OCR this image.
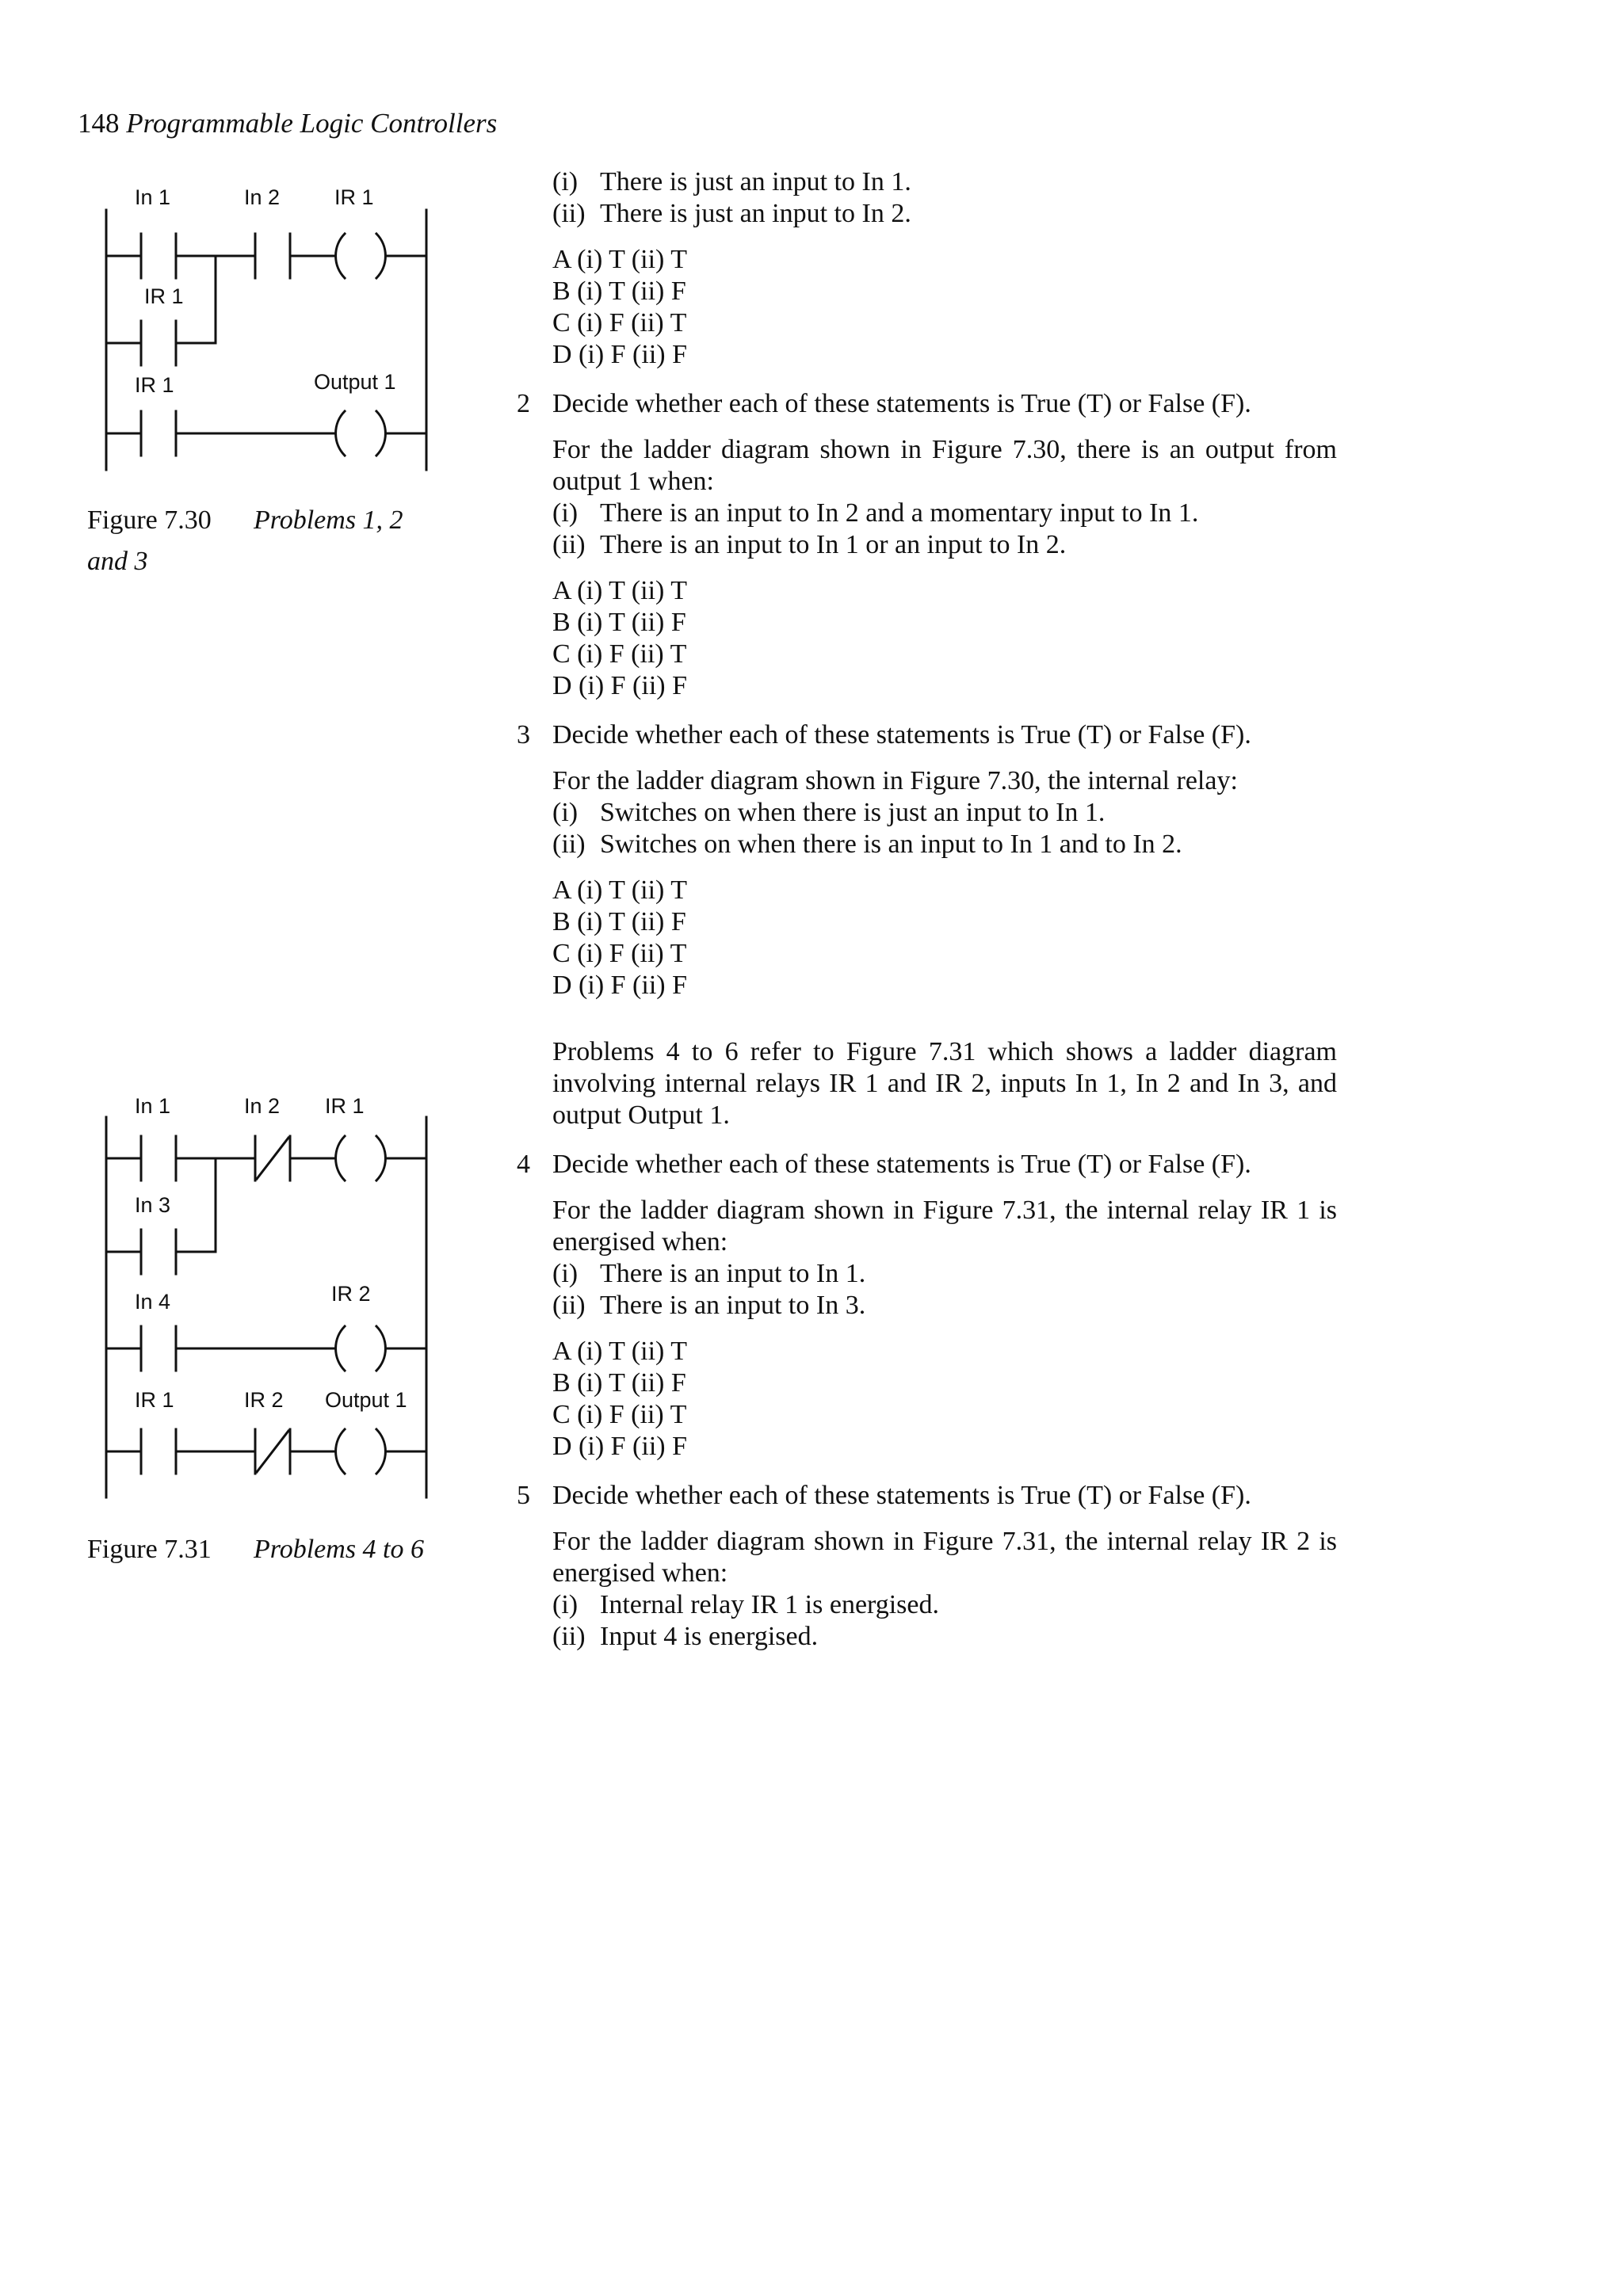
148 Programmable Logic Controllers
In 1	In 2	IR 1
IR 1
IR 1	Output 1
Figure 7.30 Problems 1, 2
and 3
In 1	In 2 IR 1
In 3
In 4	IR 2
IR 1	IR 2 Output 1
Figure 7.31 Problems 4 to 6
(i) There is just an input to In 1.
(ii) There is just an input to In 2.
A (i) T (ii) T
B (i) T (ii) F
C (i) F (ii) T
D (i) F (ii) F
2 Decide whether each of these statements is True (T) or False (F).

For the ladder diagram shown in Figure 7.30, there is an output from output 1 when:

(i) There is an input to In 2 and a momentary input to In 1.
(ii) There is an input to In 1 or an input to In 2.
A (i) T (ii) T
B (i) T (ii) F
C (i) F (ii) T
D (i) F (ii) F
3 Decide whether each of these statements is True (T) or False (F).

For the ladder diagram shown in Figure 7.30, the internal relay:

(i) Switches on when there is just an input to In 1.
(ii) Switches on when there is an input to In 1 and to In 2.
A (i) T (ii) T
B (i) T (ii) F
C (i) F (ii) T
D (i) F (ii) F

Problems 4 to 6 refer to Figure 7.31 which shows a ladder diagram involving internal relays IR 1 and IR 2, inputs In 1, In 2 and In 3, and output Output 1.

4 Decide whether each of these statements is True (T) or False (F).

For the ladder diagram shown in Figure 7.31, the internal relay IR 1 is energised when:

(i) There is an input to In 1.
(ii) There is an input to In 3.
A (i) T (ii) T
B (i) T (ii) F
C (i) F (ii) T
D (i) F (ii) F
5 Decide whether each of these statements is True (T) or False (F).

For the ladder diagram shown in Figure 7.31, the internal relay IR 2 is energised when:

(i) Internal relay IR 1 is energised.
(ii) Input 4 is energised.
